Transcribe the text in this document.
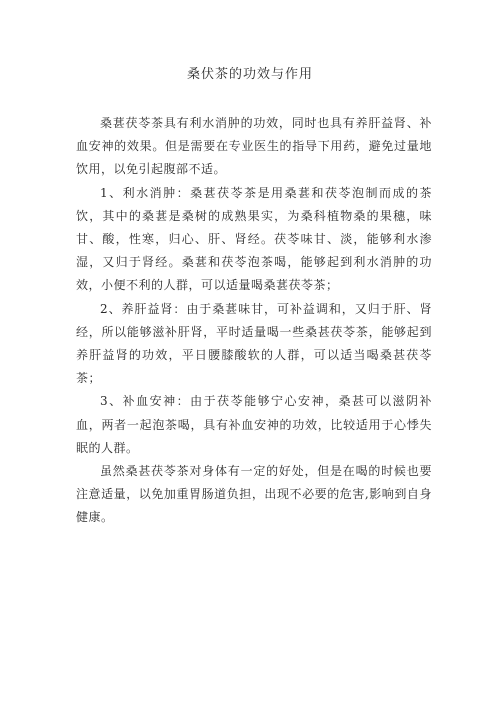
桑伏茶的功效与作用

桑葚茯苓茶具有利水消肿的功效，同时也具有养肝益肾、补血安神的效果。但是需要在专业医生的指导下用药，避免过量地饮用，以免引起腹部不适。

1、利水消肿：桑葚茯苓茶是用桑葚和茯苓泡制而成的茶饮，其中的桑葚是桑树的成熟果实，为桑科植物桑的果穗，味甘、酸，性寒，归心、肝、肾经。茯苓味甘、淡，能够利水渗湿，又归于肾经。桑葚和茯苓泡茶喝，能够起到利水消肿的功效，小便不利的人群，可以适量喝桑葚茯苓茶；

2、养肝益肾：由于桑葚味甘，可补益调和，又归于肝、肾经，所以能够滋补肝肾，平时适量喝一些桑甚茯苓茶，能够起到养肝益肾的功效，平日腰膝酸软的人群，可以适当喝桑甚茯苓茶；

3、补血安神：由于茯苓能够宁心安神，桑甚可以滋阴补血，两者一起泡茶喝，具有补血安神的功效，比较适用于心悸失眠的人群。

虽然桑甚茯苓茶对身体有一定的好处，但是在喝的时候也要注意适量，以免加重胃肠道负担，出现不必要的危害,影响到自身健康。
